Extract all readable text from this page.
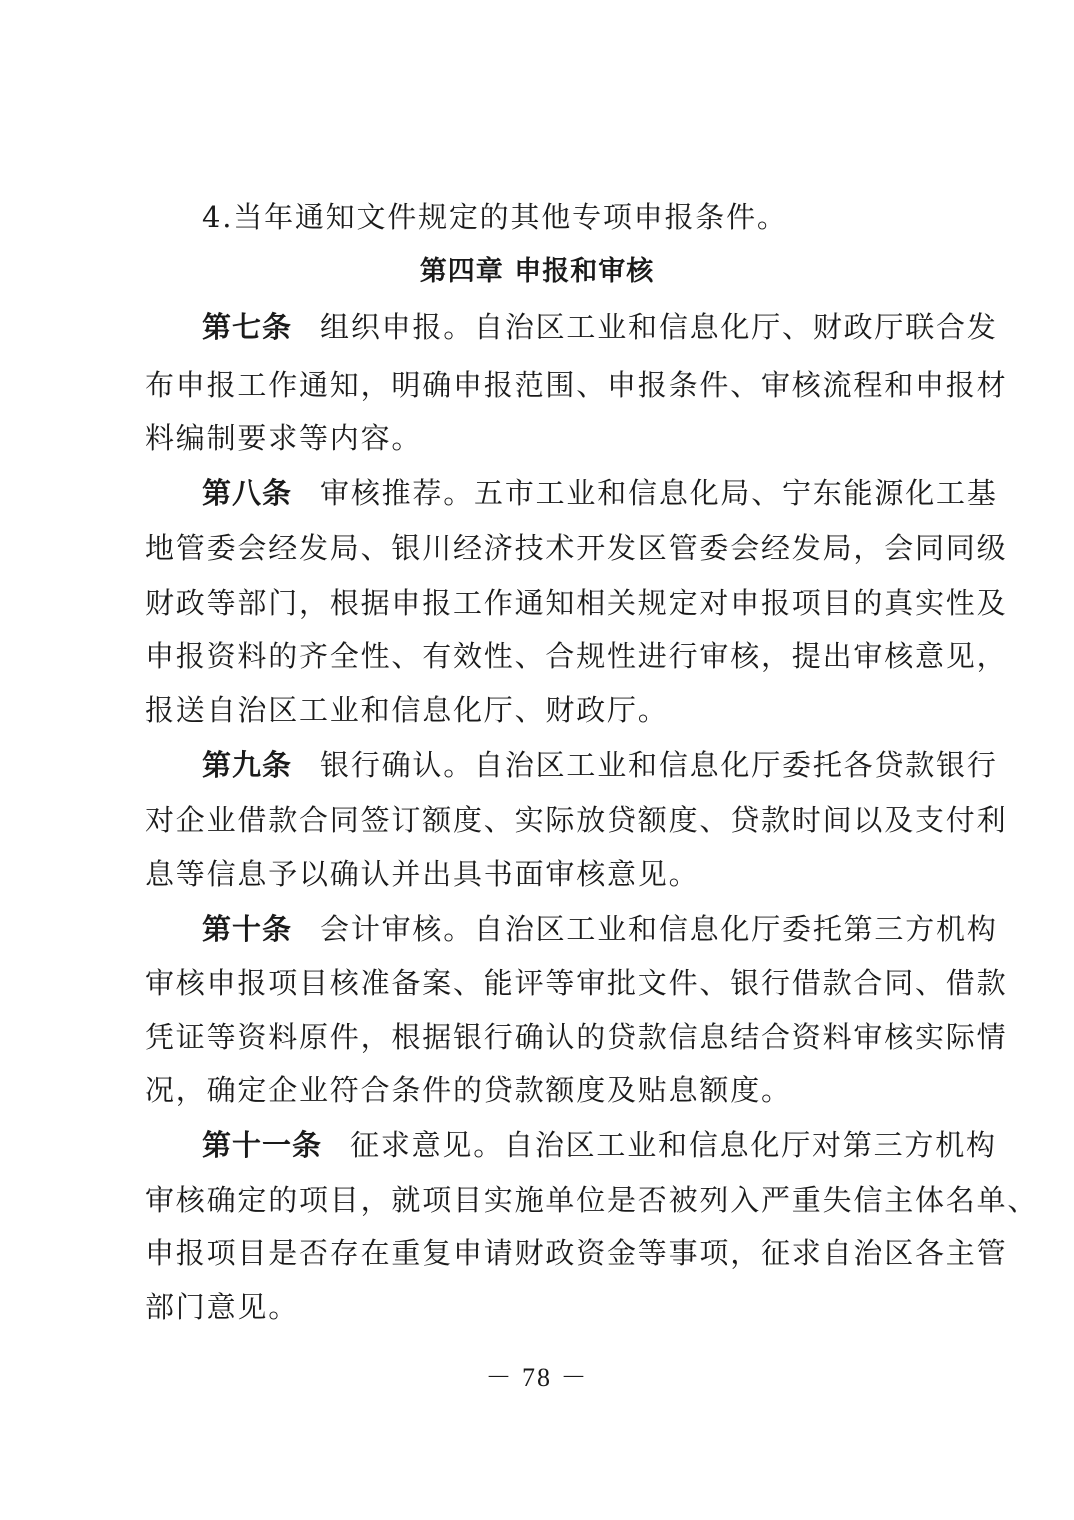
4.当年通知文件规定的其他专项申报条件。
第四章 申报和审核
第七条 组织申报。自治区工业和信息化厅、财政厅联合发
布申报工作通知，明确申报范围、申报条件、审核流程和申报材
料编制要求等内容。
第八条 审核推荐。五市工业和信息化局、宁东能源化工基
地管委会经发局、银川经济技术开发区管委会经发局，会同同级
财政等部门，根据申报工作通知相关规定对申报项目的真实性及
申报资料的齐全性、有效性、合规性进行审核，提出审核意见，
报送自治区工业和信息化厅、财政厅。
第九条 银行确认。自治区工业和信息化厅委托各贷款银行
对企业借款合同签订额度、实际放贷额度、贷款时间以及支付利
息等信息予以确认并出具书面审核意见。
第十条 会计审核。自治区工业和信息化厅委托第三方机构
审核申报项目核准备案、能评等审批文件、银行借款合同、借款
凭证等资料原件，根据银行确认的贷款信息结合资料审核实际情
况，确定企业符合条件的贷款额度及贴息额度。
第十一条 征求意见。自治区工业和信息化厅对第三方机构
审核确定的项目，就项目实施单位是否被列入严重失信主体名单、
申报项目是否存在重复申请财政资金等事项，征求自治区各主管
部门意见。
－ 78 －
